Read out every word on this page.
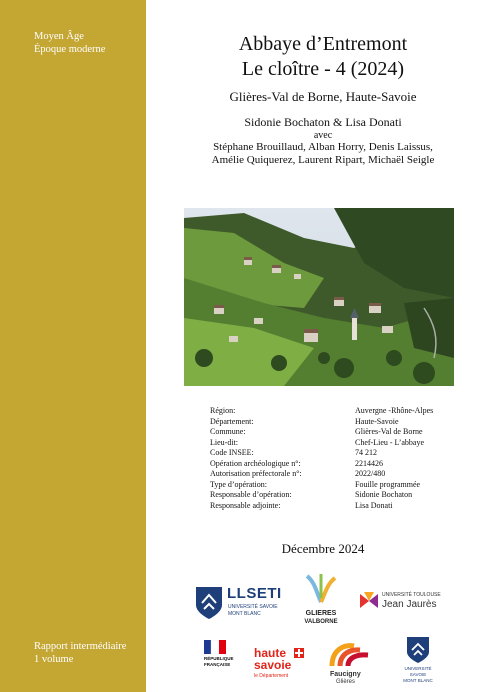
Moyen Âge
Époque moderne
Rapport intermédiaire
1 volume
Abbaye d’Entremont
Le cloître - 4 (2024)
Glières-Val de Borne, Haute-Savoie
Sidonie Bochaton & Lisa Donati
avec
Stéphane Brouillaud, Alban Horry, Denis Laissus,
Amélie Quiquerez, Laurent Ripart, Michaël Seigle
Région:	Auvergne -Rhône-Alpes
Département:	Haute-Savoie
Commune:	Glières-Val de Borne
Lieu-dit:	Chef-Lieu - L’abbaye
Code INSEE:	74 212
Opération archéologique n°:	2214426
Autorisation préfectorale n°:	2022/480
Type d’opération:	Fouille programmée
Responsable d’opération:	Sidonie Bochaton
Responsable adjointe:	Lisa Donati
Décembre 2024
LLSETI
UNIVERSITÉ SAVOIE
MONT BLANC	GLIERES
VALBORNE
UNIVERSITÉ TOULOUSE
Jean Jaurès
RÉPUBLIQUE
FRANÇAISE
haute
savoie
le Département	Faucigny
Glières
UNIVERSITÉ
SAVOIE
MONT BLANC
